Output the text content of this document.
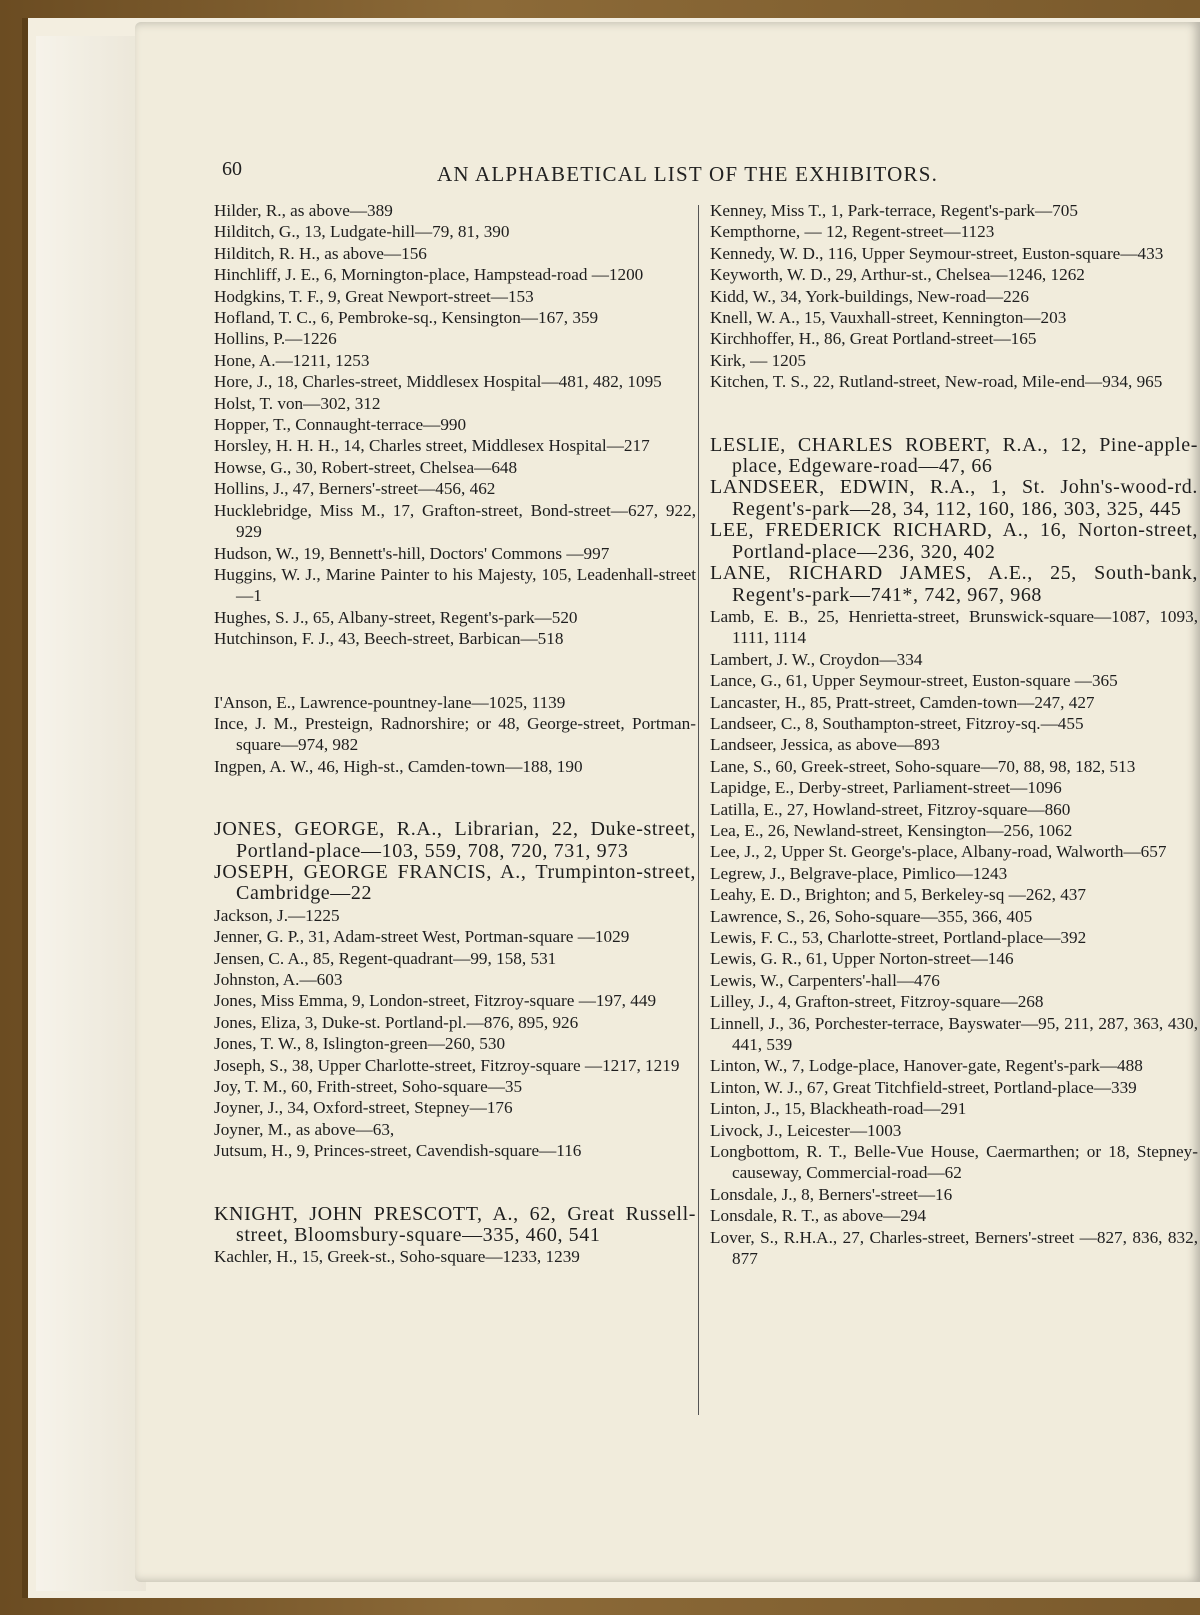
60	AN ALPHABETICAL LIST OF THE EXHIBITORS.

Hilder, R., as above—389

Hilditch, G., 13, Ludgate-hill—79, 81, 390

Hilditch, R. H., as above—156

Hinchliff, J. E., 6, Mornington-place, Hampstead-road —1200

Hodgkins, T. F., 9, Great Newport-street—153

Hofland, T. C., 6, Pembroke-sq., Kensington—167, 359

Hollins, P.—1226

Hone, A.—1211, 1253

Hore, J., 18, Charles-street, Middlesex Hospital—481, 482, 1095

Holst, T. von—302, 312

Hopper, T., Connaught-terrace—990

Horsley, H. H. H., 14, Charles street, Middlesex Hospital—217

Howse, G., 30, Robert-street, Chelsea—648

Hollins, J., 47, Berners'-street—456, 462

Hucklebridge, Miss M., 17, Grafton-street, Bond-street—627, 922, 929

Hudson, W., 19, Bennett's-hill, Doctors' Commons —997

Huggins, W. J., Marine Painter to his Majesty, 105, Leadenhall-street—1

Hughes, S. J., 65, Albany-street, Regent's-park—520

Hutchinson, F. J., 43, Beech-street, Barbican—518

I'Anson, E., Lawrence-pountney-lane—1025, 1139

Ince, J. M., Presteign, Radnorshire; or 48, George-street, Portman-square—974, 982

Ingpen, A. W., 46, High-st., Camden-town—188, 190

JONES, GEORGE, R.A., Librarian, 22, Duke-street, Portland-place—103, 559, 708, 720, 731, 973

JOSEPH, GEORGE FRANCIS, A., Trumpinton-street, Cambridge—22

Jackson, J.—1225

Jenner, G. P., 31, Adam-street West, Portman-square —1029

Jensen, C. A., 85, Regent-quadrant—99, 158, 531

Johnston, A.—603

Jones, Miss Emma, 9, London-street, Fitzroy-square —197, 449

Jones, Eliza, 3, Duke-st. Portland-pl.—876, 895, 926

Jones, T. W., 8, Islington-green—260, 530

Joseph, S., 38, Upper Charlotte-street, Fitzroy-square —1217, 1219

Joy, T. M., 60, Frith-street, Soho-square—35

Joyner, J., 34, Oxford-street, Stepney—176

Joyner, M., as above—63,

Jutsum, H., 9, Princes-street, Cavendish-square—116

KNIGHT, JOHN PRESCOTT, A., 62, Great Russell-street, Bloomsbury-square—335, 460, 541

Kachler, H., 15, Greek-st., Soho-square—1233, 1239

Kenney, Miss T., 1, Park-terrace, Regent's-park—705

Kempthorne, — 12, Regent-street—1123

Kennedy, W. D., 116, Upper Seymour-street, Euston-square—433

Keyworth, W. D., 29, Arthur-st., Chelsea—1246, 1262

Kidd, W., 34, York-buildings, New-road—226

Knell, W. A., 15, Vauxhall-street, Kennington—203

Kirchhoffer, H., 86, Great Portland-street—165

Kirk, — 1205

Kitchen, T. S., 22, Rutland-street, New-road, Mile-end—934, 965

LESLIE, CHARLES ROBERT, R.A., 12, Pine-apple-place, Edgeware-road—47, 66

LANDSEER, EDWIN, R.A., 1, St. John's-wood-rd. Regent's-park—28, 34, 112, 160, 186, 303, 325, 445

LEE, FREDERICK RICHARD, A., 16, Norton-street, Portland-place—236, 320, 402

LANE, RICHARD JAMES, A.E., 25, South-bank, Regent's-park—741*, 742, 967, 968

Lamb, E. B., 25, Henrietta-street, Brunswick-square—1087, 1093, 1111, 1114

Lambert, J. W., Croydon—334

Lance, G., 61, Upper Seymour-street, Euston-square —365

Lancaster, H., 85, Pratt-street, Camden-town—247, 427

Landseer, C., 8, Southampton-street, Fitzroy-sq.—455

Landseer, Jessica, as above—893

Lane, S., 60, Greek-street, Soho-square—70, 88, 98, 182, 513

Lapidge, E., Derby-street, Parliament-street—1096

Latilla, E., 27, Howland-street, Fitzroy-square—860

Lea, E., 26, Newland-street, Kensington—256, 1062

Lee, J., 2, Upper St. George's-place, Albany-road, Walworth—657

Legrew, J., Belgrave-place, Pimlico—1243

Leahy, E. D., Brighton; and 5, Berkeley-sq —262, 437

Lawrence, S., 26, Soho-square—355, 366, 405

Lewis, F. C., 53, Charlotte-street, Portland-place—392

Lewis, G. R., 61, Upper Norton-street—146

Lewis, W., Carpenters'-hall—476

Lilley, J., 4, Grafton-street, Fitzroy-square—268

Linnell, J., 36, Porchester-terrace, Bayswater—95, 211, 287, 363, 430, 441, 539

Linton, W., 7, Lodge-place, Hanover-gate, Regent's-park—488

Linton, W. J., 67, Great Titchfield-street, Portland-place—339

Linton, J., 15, Blackheath-road—291

Livock, J., Leicester—1003

Longbottom, R. T., Belle-Vue House, Caermarthen; or 18, Stepney-causeway, Commercial-road—62

Lonsdale, J., 8, Berners'-street—16

Lonsdale, R. T., as above—294

Lover, S., R.H.A., 27, Charles-street, Berners'-street —827, 836, 832, 877
